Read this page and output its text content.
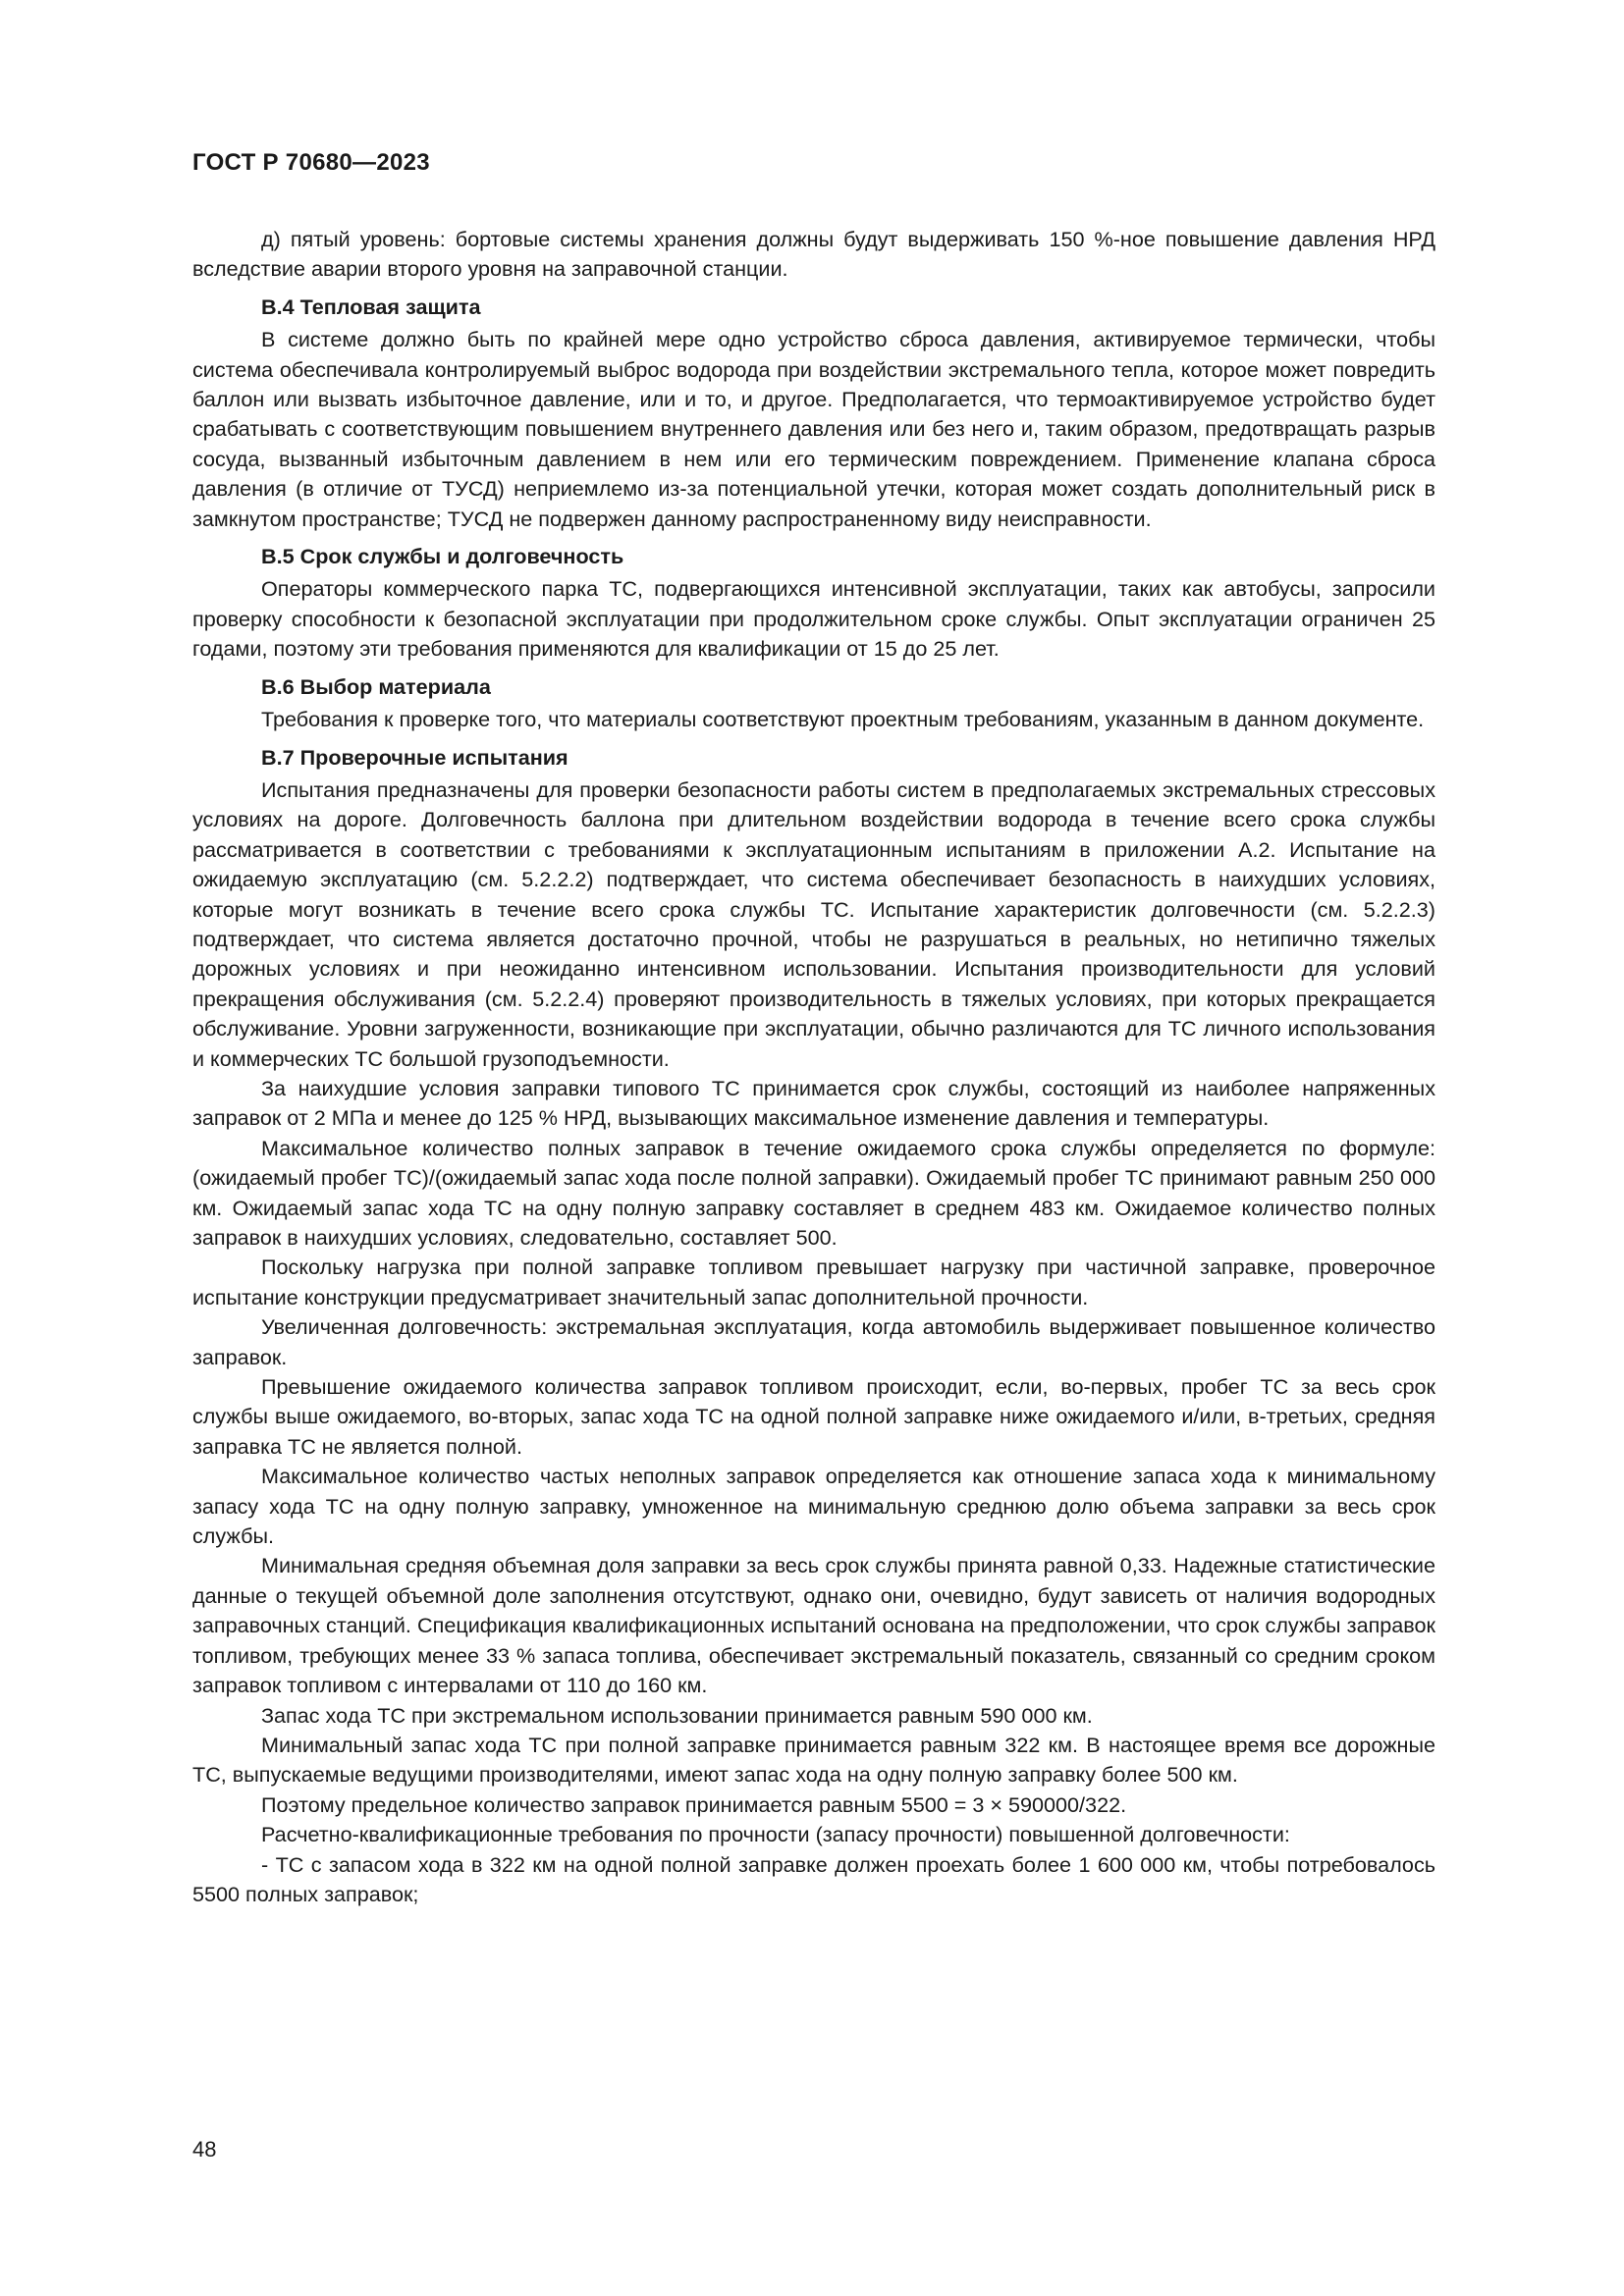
ГОСТ Р 70680—2023

д) пятый уровень: бортовые системы хранения должны будут выдерживать 150 %-ное повышение давления НРД вследствие аварии второго уровня на заправочной станции.

В.4 Тепловая защита

В системе должно быть по крайней мере одно устройство сброса давления, активируемое термически, чтобы система обеспечивала контролируемый выброс водорода при воздействии экстремального тепла, которое может повредить баллон или вызвать избыточное давление, или и то, и другое. Предполагается, что термоактивируемое устройство будет срабатывать с соответствующим повышением внутреннего давления или без него и, таким образом, предотвращать разрыв сосуда, вызванный избыточным давлением в нем или его термическим повреждением. Применение клапана сброса давления (в отличие от ТУСД) неприемлемо из-за потенциальной утечки, которая может создать дополнительный риск в замкнутом пространстве; ТУСД не подвержен данному распространенному виду неисправности.

В.5 Срок службы и долговечность

Операторы коммерческого парка ТС, подвергающихся интенсивной эксплуатации, таких как автобусы, запросили проверку способности к безопасной эксплуатации при продолжительном сроке службы. Опыт эксплуатации ограничен 25 годами, поэтому эти требования применяются для квалификации от 15 до 25 лет.

В.6 Выбор материала

Требования к проверке того, что материалы соответствуют проектным требованиям, указанным в данном документе.

В.7 Проверочные испытания

Испытания предназначены для проверки безопасности работы систем в предполагаемых экстремальных стрессовых условиях на дороге. Долговечность баллона при длительном воздействии водорода в течение всего срока службы рассматривается в соответствии с требованиями к эксплуатационным испытаниям в приложении А.2. Испытание на ожидаемую эксплуатацию (см. 5.2.2.2) подтверждает, что система обеспечивает безопасность в наихудших условиях, которые могут возникать в течение всего срока службы ТС. Испытание характеристик долговечности (см. 5.2.2.3) подтверждает, что система является достаточно прочной, чтобы не разрушаться в реальных, но нетипично тяжелых дорожных условиях и при неожиданно интенсивном использовании. Испытания производительности для условий прекращения обслуживания (см. 5.2.2.4) проверяют производительность в тяжелых условиях, при которых прекращается обслуживание. Уровни загруженности, возникающие при эксплуатации, обычно различаются для ТС личного использования и коммерческих ТС большой грузоподъемности.

За наихудшие условия заправки типового ТС принимается срок службы, состоящий из наиболее напряженных заправок от 2 МПа и менее до 125 % НРД, вызывающих максимальное изменение давления и температуры.

Максимальное количество полных заправок в течение ожидаемого срока службы определяется по формуле: (ожидаемый пробег ТС)/(ожидаемый запас хода после полной заправки). Ожидаемый пробег ТС принимают равным 250 000 км. Ожидаемый запас хода ТС на одну полную заправку составляет в среднем 483 км. Ожидаемое количество полных заправок в наихудших условиях, следовательно, составляет 500.

Поскольку нагрузка при полной заправке топливом превышает нагрузку при частичной заправке, проверочное испытание конструкции предусматривает значительный запас дополнительной прочности.

Увеличенная долговечность: экстремальная эксплуатация, когда автомобиль выдерживает повышенное количество заправок.

Превышение ожидаемого количества заправок топливом происходит, если, во-первых, пробег ТС за весь срок службы выше ожидаемого, во-вторых, запас хода ТС на одной полной заправке ниже ожидаемого и/или, в-третьих, средняя заправка ТС не является полной.

Максимальное количество частых неполных заправок определяется как отношение запаса хода к минимальному запасу хода ТС на одну полную заправку, умноженное на минимальную среднюю долю объема заправки за весь срок службы.

Минимальная средняя объемная доля заправки за весь срок службы принята равной 0,33. Надежные статистические данные о текущей объемной доле заполнения отсутствуют, однако они, очевидно, будут зависеть от наличия водородных заправочных станций. Спецификация квалификационных испытаний основана на предположении, что срок службы заправок топливом, требующих менее 33 % запаса топлива, обеспечивает экстремальный показатель, связанный со средним сроком заправок топливом с интервалами от 110 до 160 км.

Запас хода ТС при экстремальном использовании принимается равным 590 000 км.

Минимальный запас хода ТС при полной заправке принимается равным 322 км. В настоящее время все дорожные ТС, выпускаемые ведущими производителями, имеют запас хода на одну полную заправку более 500 км.

Поэтому предельное количество заправок принимается равным 5500 = 3 × 590000/322.

Расчетно-квалификационные требования по прочности (запасу прочности) повышенной долговечности:

- ТС с запасом хода в 322 км на одной полной заправке должен проехать более 1 600 000 км, чтобы потребовалось 5500 полных заправок;

48
